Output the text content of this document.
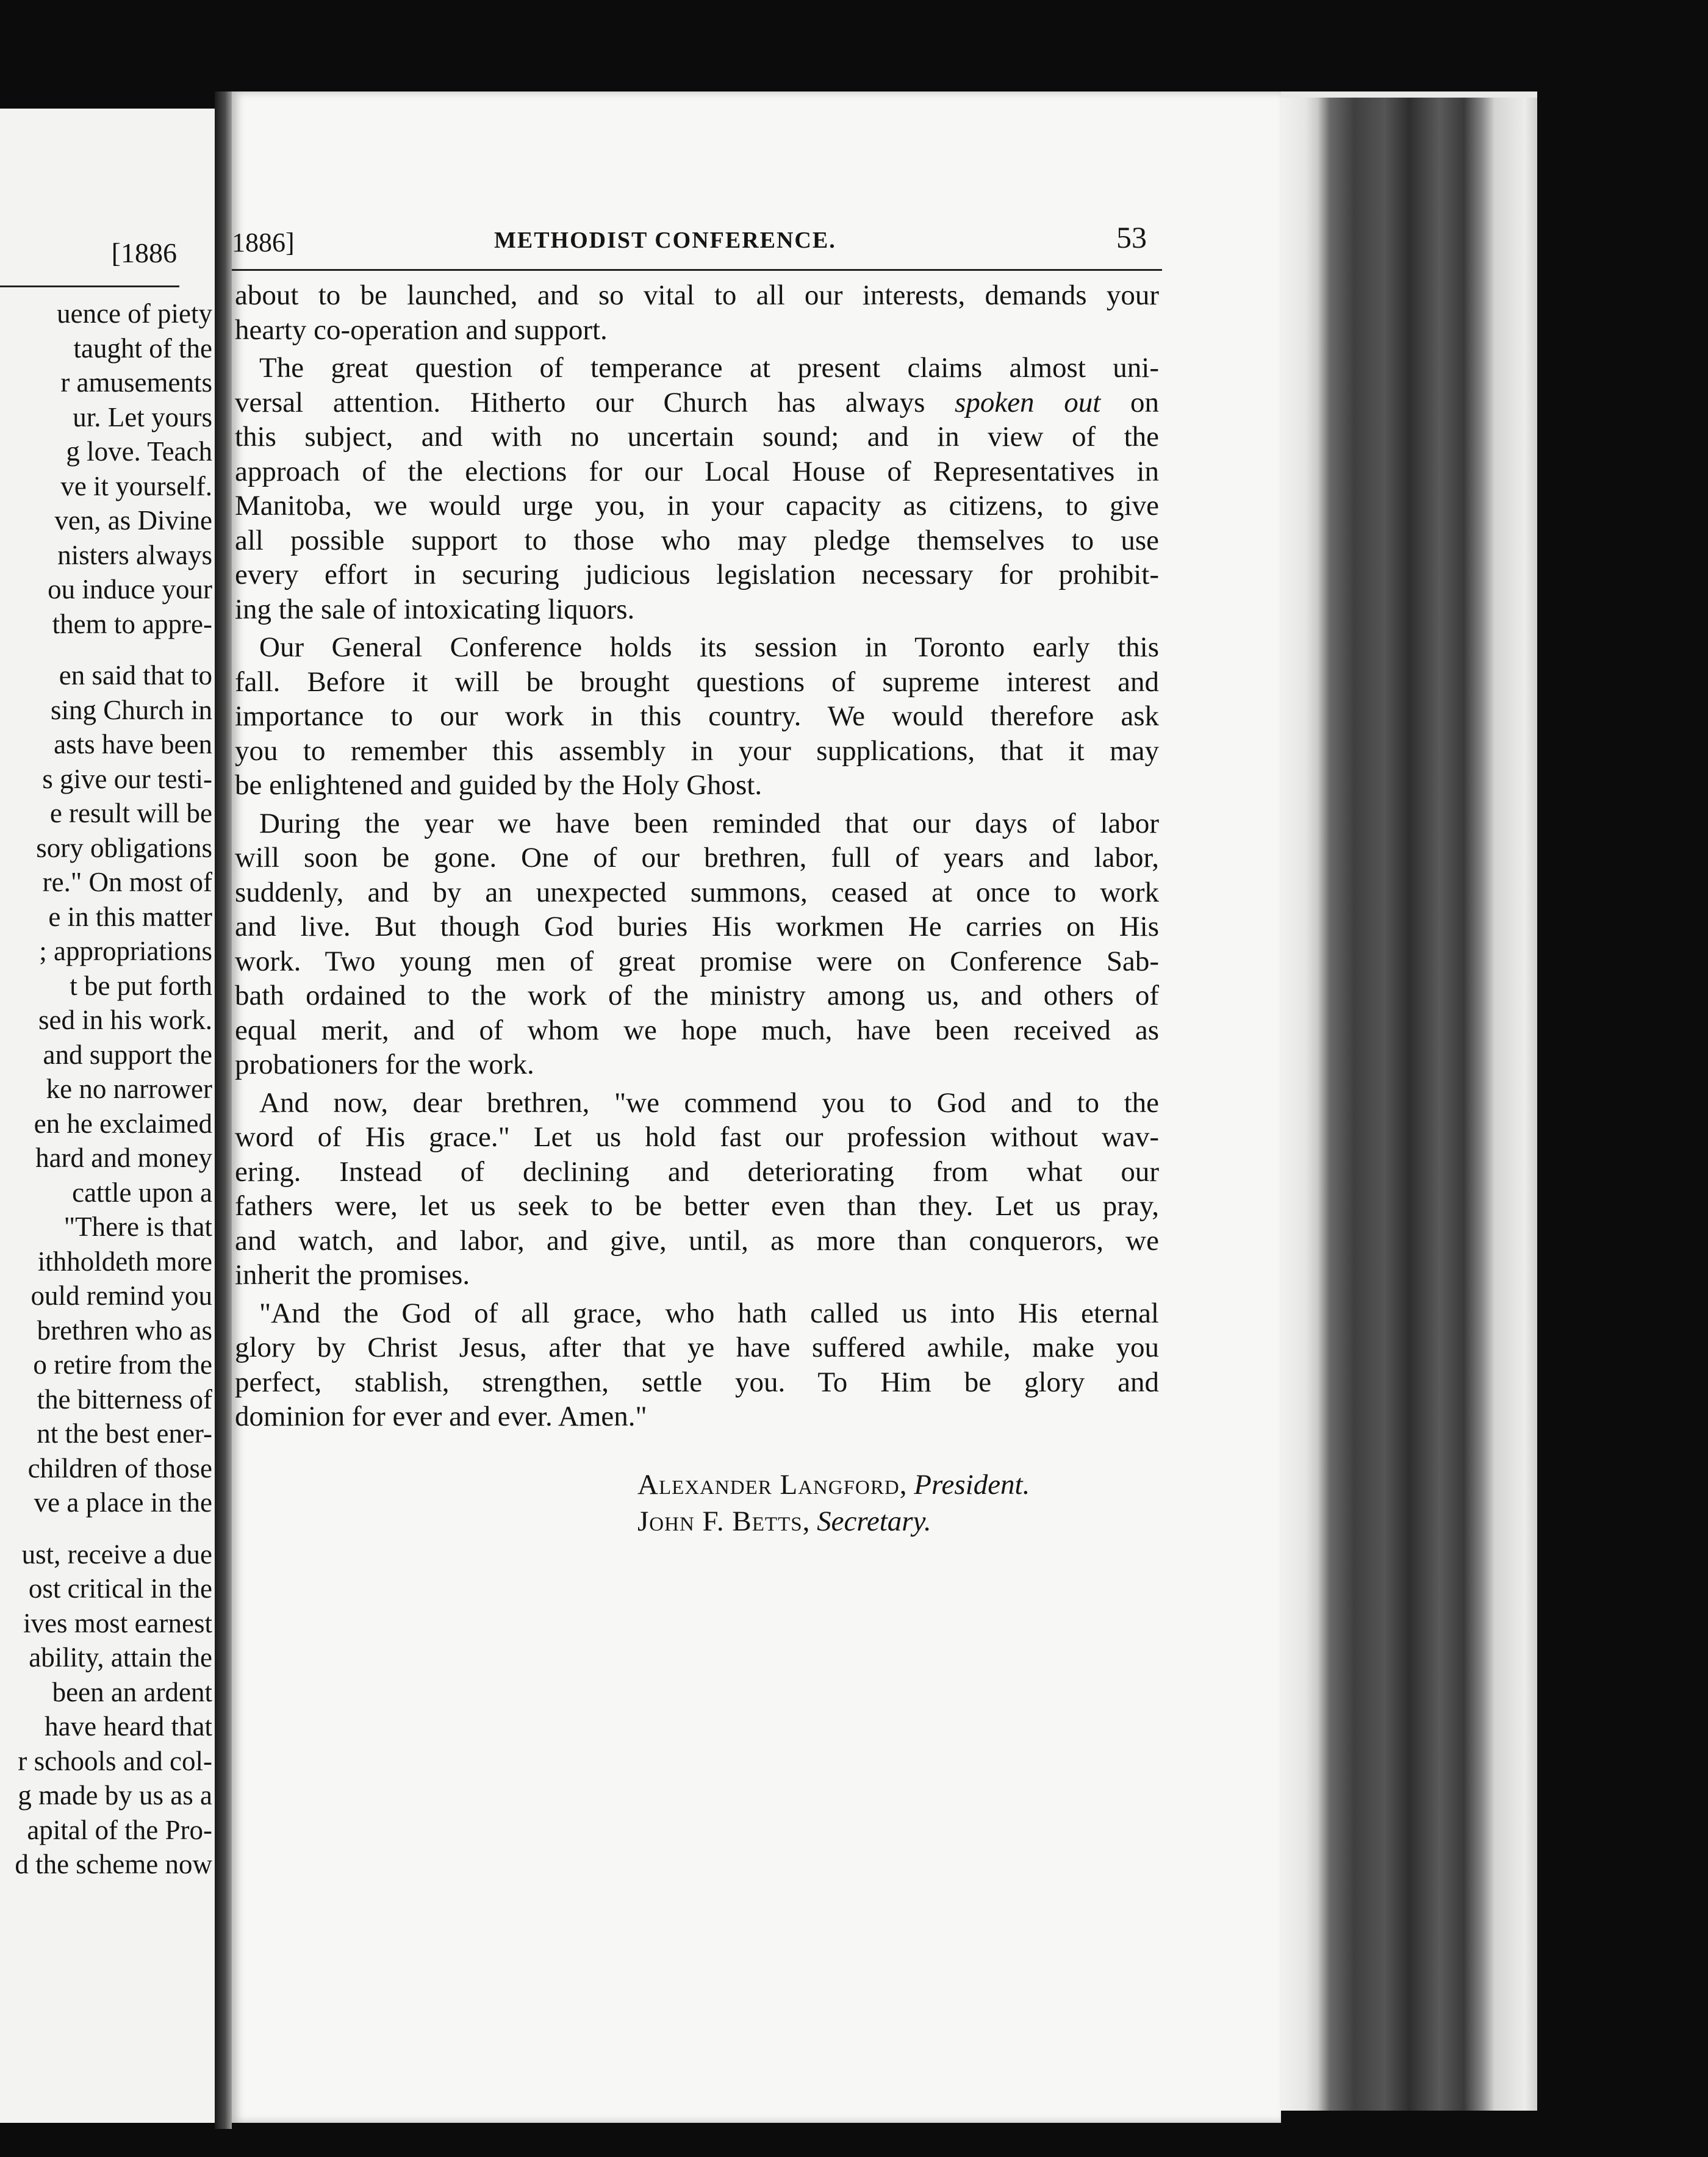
[1886
uence of piety
taught of the
r amusements
ur. Let yours
g love. Teach
ve it yourself.
ven, as Divine
nisters always
ou induce your
them to appre-
en said that to
sing Church in
asts have been
s give our testi-
e result will be
sory obligations
re." On most of
e in this matter
; appropriations
t be put forth
sed in his work.
and support the
ke no narrower
en he exclaimed
hard and money
cattle upon a
"There is that
ithholdeth more
ould remind you
brethren who as
o retire from the
the bitterness of
nt the best ener-
children of those
ve a place in the
ust, receive a due
ost critical in the
ives most earnest
ability, attain the
been an ardent
have heard that
r schools and col-
g made by us as a
apital of the Pro-
d the scheme now
1886]	METHODIST CONFERENCE.	53
about to be launched, and so vital to all our interests, demands your
hearty co-operation and support.
The great question of temperance at present claims almost uni-
versal attention. Hitherto our Church has always spoken out on
this subject, and with no uncertain sound; and in view of the
approach of the elections for our Local House of Representatives in
Manitoba, we would urge you, in your capacity as citizens, to give
all possible support to those who may pledge themselves to use
every effort in securing judicious legislation necessary for prohibit-
ing the sale of intoxicating liquors.
Our General Conference holds its session in Toronto early this
fall. Before it will be brought questions of supreme interest and
importance to our work in this country. We would therefore ask
you to remember this assembly in your supplications, that it may
be enlightened and guided by the Holy Ghost.
During the year we have been reminded that our days of labor
will soon be gone. One of our brethren, full of years and labor,
suddenly, and by an unexpected summons, ceased at once to work
and live. But though God buries His workmen He carries on His
work. Two young men of great promise were on Conference Sab-
bath ordained to the work of the ministry among us, and others of
equal merit, and of whom we hope much, have been received as
probationers for the work.
And now, dear brethren, "we commend you to God and to the
word of His grace." Let us hold fast our profession without wav-
ering. Instead of declining and deteriorating from what our
fathers were, let us seek to be better even than they. Let us pray,
and watch, and labor, and give, until, as more than conquerors, we
inherit the promises.
"And the God of all grace, who hath called us into His eternal
glory by Christ Jesus, after that ye have suffered awhile, make you
perfect, stablish, strengthen, settle you. To Him be glory and
dominion for ever and ever. Amen."
Alexander Langford, President.
John F. Betts, Secretary.
